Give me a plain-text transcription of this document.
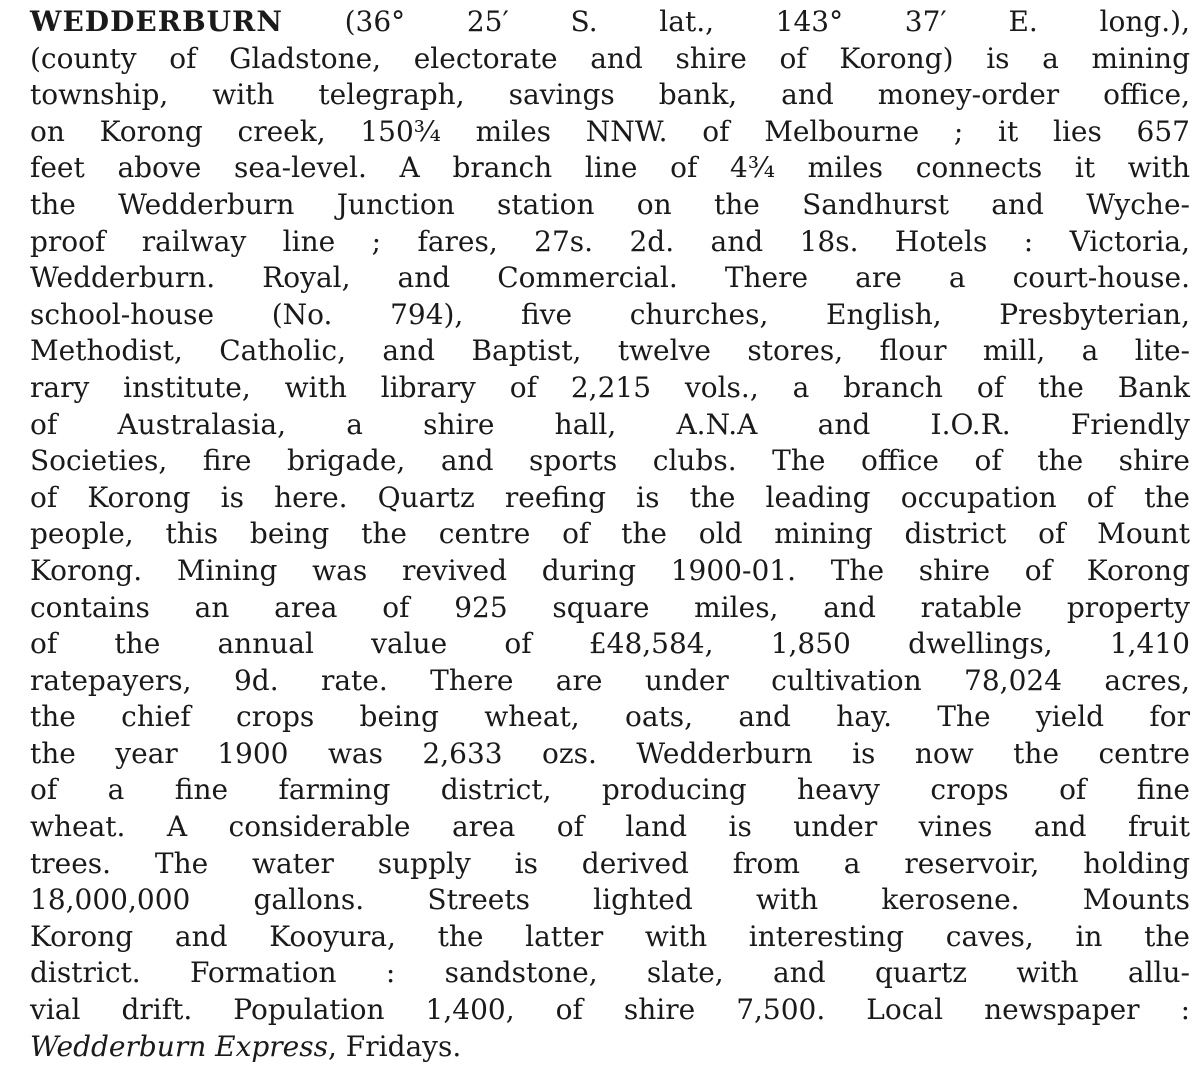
WEDDERBURN (36° 25′ S. lat., 143° 37′ E. long.),
(county of Gladstone, electorate and shire of Korong) is a mining
township, with telegraph, savings bank, and money-order office,
on Korong creek, 150¾ miles NNW. of Melbourne ; it lies 657
feet above sea-level. A branch line of 4¾ miles connects it with
the Wedderburn Junction station on the Sandhurst and Wyche-
proof railway line ; fares, 27s. 2d. and 18s. Hotels : Victoria,
Wedderburn. Royal, and Commercial. There are a court-house.
school-house (No. 794), five churches, English, Presbyterian,
Methodist, Catholic, and Baptist, twelve stores, flour mill, a lite-
rary institute, with library of 2,215 vols., a branch of the Bank
of Australasia, a shire hall, A.N.A and I.O.R. Friendly
Societies, fire brigade, and sports clubs. The office of the shire
of Korong is here. Quartz reefing is the leading occupation of the
people, this being the centre of the old mining district of Mount
Korong. Mining was revived during 1900-01. The shire of Korong
contains an area of 925 square miles, and ratable property
of the annual value of £48,584, 1,850 dwellings, 1,410
ratepayers, 9d. rate. There are under cultivation 78,024 acres,
the chief crops being wheat, oats, and hay. The yield for
the year 1900 was 2,633 ozs. Wedderburn is now the centre
of a fine farming district, producing heavy crops of fine
wheat. A considerable area of land is under vines and fruit
trees. The water supply is derived from a reservoir, holding
18,000,000 gallons. Streets lighted with kerosene. Mounts
Korong and Kooyura, the latter with interesting caves, in the
district. Formation : sandstone, slate, and quartz with allu-
vial drift. Population 1,400, of shire 7,500. Local newspaper :
Wedderburn Express, Fridays.
